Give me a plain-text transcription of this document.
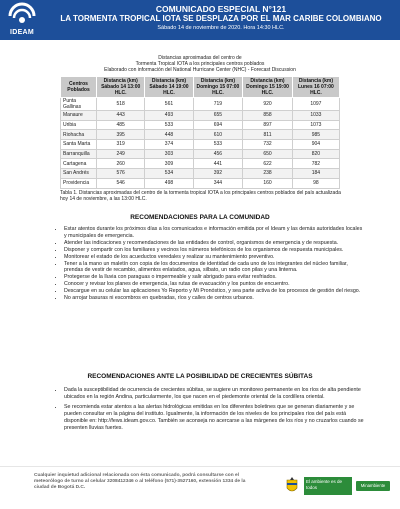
IDEAM
COMUNICADO ESPECIAL N°121
LA TORMENTA TROPICAL IOTA SE DESPLAZA POR EL MAR CARIBE COLOMBIANO
Sábado 14 de noviembre de 2020. Hora 14:30 HLC.
Distancias aproximadas del centro de
Tormenta Tropical IOTA a los principales centros poblados
Elaborado con información del National Hurricane Center (NHC) - Forecast Discussion
Centros Poblados	Distancia (km) Sábado 14 13:00 HLC.	Distancia (km) Sábado 14 19:00 HLC.	Distancia (km) Domingo 15 07:00 HLC.	Distancia (km) Domingo 15 19:00 HLC.	Distancia (km) Lunes 16 07:00 HLC.
Punta Gallinas	518	561	719	920	1097
Manaure	443	493	655	858	1033
Uribia	485	533	694	897	1073
Riohacha	395	448	610	811	985
Santa Marta	319	374	533	732	904
Barranquilla	249	303	456	650	820
Cartagena	260	309	441	622	782
San Andrés	576	534	392	238	184
Providencia	546	498	344	160	98
Tabla 1. Distancias aproximadas del centro de la tormenta tropical IOTA a los principales centros poblados del país actualizada hoy 14 de noviembre, a las 13:00 HLC.
RECOMENDACIONES PARA LA COMUNIDAD
• Estar atentos durante los próximos días a los comunicados e información emitida por el Ideam y las demás autoridades locales y municipales de emergencia.
• Atender las indicaciones y recomendaciones de las entidades de control, organismos de emergencia y de respuesta.
• Disponer y compartir con los familiares y vecinos los números telefónicos de los organismos de respuesta municipales.
• Monitorear el estado de los acueductos veredales y realizar su mantenimiento preventivo.
• Tener a la mano un maletín con copia de los documentos de identidad de cada uno de los integrantes del núcleo familiar, prendas de vestir de recambio, alimentos enlatados, agua, silbato, un radio con pilas y una linterna.
• Protegerse de la lluvia con paraguas o impermeable y salir abrigado para evitar resfriados.
• Conocer y revisar los planes de emergencia, las rutas de evacuación y los puntos de encuentro.
• Descargue en su celular las aplicaciones Yo Reporto y Mi Pronóstico, y sea parte activa de los procesos de gestión del riesgo.
• No arrojar basuras ni escombros en quebradas, ríos y calles de centros urbanos.
RECOMENDACIONES ANTE LA POSIBILIDAD DE CRECIENTES SÚBITAS
• Dada la susceptibilidad de ocurrencia de crecientes súbitas, se sugiere un monitoreo permanente en los ríos de alta pendiente ubicados en la región Andina, particularmente, los que nacen en el piedemonte oriental de la cordillera oriental.
• Se recomienda estar atentos a las alertas hidrológicas emitidas en los diferentes boletines que se generan diariamente y se pueden consultar en la página del instituto. Igualmente, la información de los niveles de los principales ríos del país está disponible en: http://fews.ideam.gov.co. También se aconseja no acercarse a las márgenes de los ríos y no cruzarlos cuando se presenten lluvias fuertes.
Cualquier inquietud adicional relacionada con ésta comunicado, podrá consultarse con el meteorólogo de turno al celular 3208412346 o al teléfono (571)-3527160, extensión 1334 de la ciudad de Bogotá D.C.
El ambiente es de todos	Minambiente
